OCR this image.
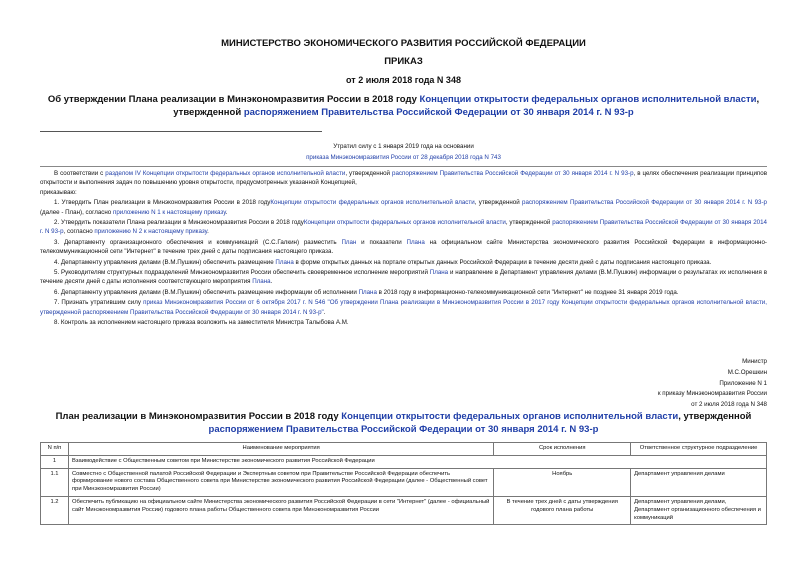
МИНИСТЕРСТВО ЭКОНОМИЧЕСКОГО РАЗВИТИЯ РОССИЙСКОЙ ФЕДЕРАЦИИ
ПРИКАЗ
от 2 июля 2018 года N 348
Об утверждении Плана реализации в Минэкономразвития России в 2018 году Концепции открытости федеральных органов исполнительной власти, утвержденной распоряжением Правительства Российской Федерации от 30 января 2014 г. N 93-р
Утратил силу с 1 января 2019 года на основании
приказа Минэкономразвития России от 28 декабря 2018 года N 743

В соответствии с разделом IV Концепции открытости федеральных органов исполнительной власти, утвержденной распоряжением Правительства Российской Федерации от 30 января 2014 г. N 93-р, в целях обеспечения реализации принципов открытости и выполнения задач по повышению уровня открытости, предусмотренных указанной Концепцией,

приказываю:

1. Утвердить План реализации в Минэкономразвития России в 2018 годуКонцепции открытости федеральных органов исполнительной власти, утвержденной распоряжением Правительства Российской Федерации от 30 января 2014 г. N 93-р (далее - План), согласно приложению N 1 к настоящему приказу.

2. Утвердить показатели Плана реализации в Минэкономразвития России в 2018 годуКонцепции открытости федеральных органов исполнительной власти, утвержденной распоряжением Правительства Российской Федерации от 30 января 2014 г. N 93-р, согласно приложению N 2 к настоящему приказу.

3. Департаменту организационного обеспечения и коммуникаций (С.С.Галкин) разместить План и показатели Плана на официальном сайте Министерства экономического развития Российской Федерации в информационно-телекоммуникационной сети "Интернет" в течение трех дней с даты подписания настоящего приказа.

4. Департаменту управления делами (В.М.Пушкин) обеспечить размещение Плана в форме открытых данных на портале открытых данных Российской Федерации в течение десяти дней с даты подписания настоящего приказа.

5. Руководителям структурных подразделений Минэкономразвития России обеспечить своевременное исполнение мероприятий Плана и направление в Департамент управления делами (В.М.Пушкин) информации о результатах их исполнения в течение десяти дней с даты исполнения соответствующего мероприятия Плана.

6. Департаменту управления делами (В.М.Пушкин) обеспечить размещение информации об исполнении Плана в 2018 году в информационно-телекоммуникационной сети "Интернет" не позднее 31 января 2019 года.

7. Признать утратившим силу приказ Минэкономразвития России от 6 октября 2017 г. N 546 "Об утверждении Плана реализации в Минэкономразвития России в 2017 году Концепции открытости федеральных органов исполнительной власти, утвержденной распоряжением Правительства Российской Федерации от 30 января 2014 г. N 93-р".

8. Контроль за исполнением настоящего приказа возложить на заместителя Министра Талыбова А.М.

Министр
М.С.Орешкин
Приложение N 1
к приказу Минэкономразвития России
от 2 июля 2018 года N 348
План реализации в Минэкономразвития России в 2018 году Концепции открытости федеральных органов исполнительной власти, утвержденной распоряжением Правительства Российской Федерации от 30 января 2014 г. N 93-р
N п/п	Наименование мероприятия	Срок исполнения	Ответственное структурное подразделение
1	Взаимодействие с Общественным советом при Министерстве экономического развития Российской Федерации		
1.1	Совместно с Общественной палатой Российской Федерации и Экспертным советом при Правительстве Российской Федерации обеспечить формирование нового состава Общественного совета при Министерстве экономического развития Российской Федерации (далее - Общественный совет при Минэкономразвития России)	Ноябрь	Департамент управления делами
1.2	Обеспечить публикацию на официальном сайте Министерства экономического развития Российской Федерации в сети "Интернет" (далее - официальный сайт Минэкономразвития России) годового плана работы Общественного совета при Минэкономразвития России	В течение трех дней с даты утверждения годового плана работы	Департамент управления делами, Департамент организационного обеспечения и коммуникаций
